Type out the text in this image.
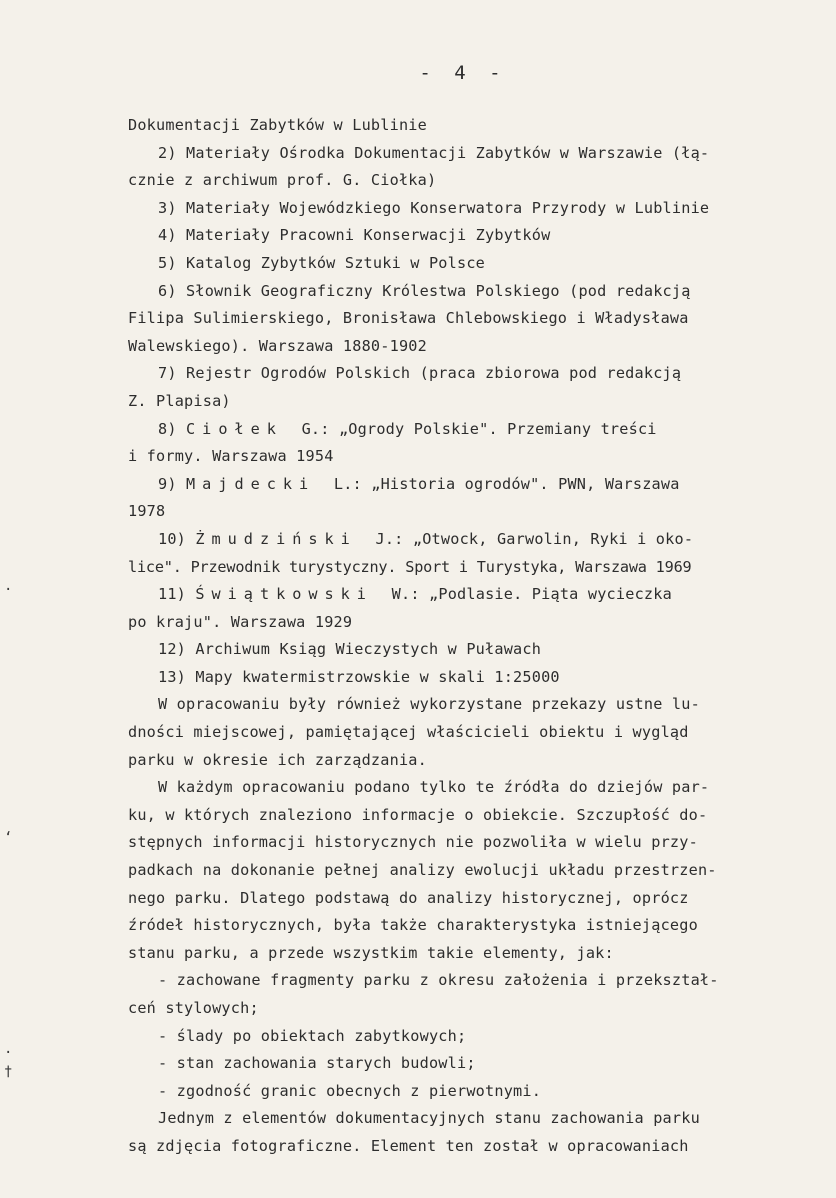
- 4 -
Dokumentacji Zabytków w Lublinie
2) Materiały Ośrodka Dokumentacji Zabytków w Warszawie (łą-
cznie z archiwum prof. G. Ciołka)
3) Materiały Wojewódzkiego Konserwatora Przyrody w Lublinie
4) Materiały Pracowni Konserwacji Zybytków
5) Katalog Zybytków Sztuki w Polsce
6) Słownik Geograficzny Królestwa Polskiego (pod redakcją
Filipa Sulimierskiego, Bronisława Chlebowskiego i Władysława
Walewskiego). Warszawa 1880-1902
7) Rejestr Ogrodów Polskich (praca zbiorowa pod redakcją
Z. Plapisa)
8) Ciołek G.: „Ogrody Polskie". Przemiany treści
i formy. Warszawa 1954
9) Majdecki L.: „Historia ogrodów". PWN, Warszawa
1978
10) Żmudziński J.: „Otwock, Garwolin, Ryki i oko-
lice". Przewodnik turystyczny. Sport i Turystyka, Warszawa 1969
11) Świątkowski W.: „Podlasie. Piąta wycieczka
po kraju". Warszawa 1929
12) Archiwum Ksiąg Wieczystych w Puławach
13) Mapy kwatermistrzowskie w skali 1:25000
W opracowaniu były również wykorzystane przekazy ustne lu-
dności miejscowej, pamiętającej właścicieli obiektu i wygląd
parku w okresie ich zarządzania.
W każdym opracowaniu podano tylko te źródła do dziejów par-
ku, w których znaleziono informacje o obiekcie. Szczupłość do-
stępnych informacji historycznych nie pozwoliła w wielu przy-
padkach na dokonanie pełnej analizy ewolucji układu przestrzen-
nego parku. Dlatego podstawą do analizy historycznej, oprócz
źródeł historycznych, była także charakterystyka istniejącego
stanu parku, a przede wszystkim takie elementy, jak:
- zachowane fragmenty parku z okresu założenia i przekształ-
ceń stylowych;
- ślady po obiektach zabytkowych;
- stan zachowania starych budowli;
- zgodność granic obecnych z pierwotnymi.
Jednym z elementów dokumentacyjnych stanu zachowania parku
są zdjęcia fotograficzne. Element ten został w opracowaniach
·
‘
·
†
